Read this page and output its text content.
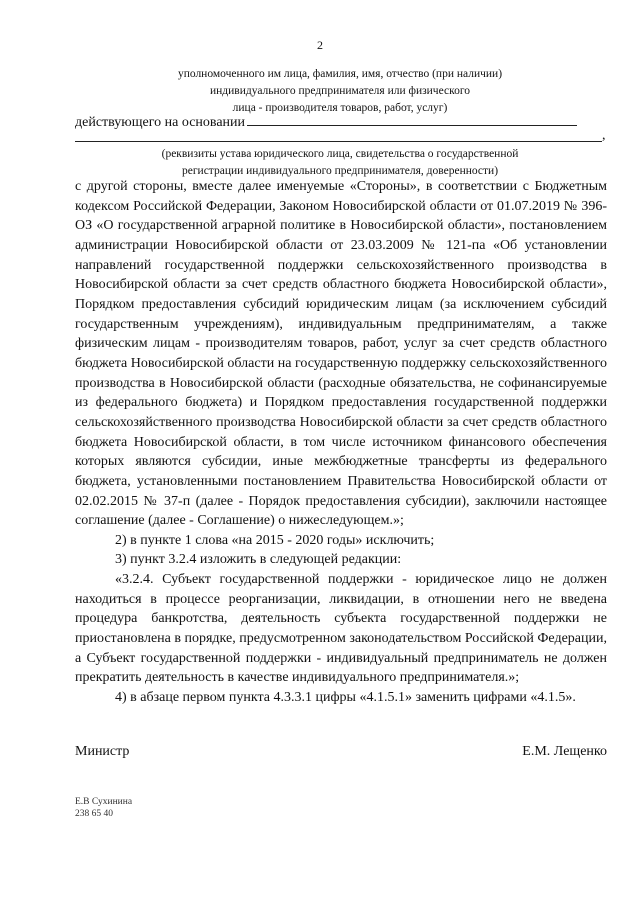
2
уполномоченного им лица, фамилия, имя, отчество (при наличии)
индивидуального предпринимателя или физического
лица - производителя товаров, работ, услуг)
действующего на основании
,
(реквизиты устава юридического лица, свидетельства о государственной
регистрации индивидуального предпринимателя, доверенности)

с другой стороны, вместе далее именуемые «Стороны», в соответствии с Бюджетным кодексом Российской Федерации, Законом Новосибирской области от 01.07.2019 № 396-ОЗ «О государственной аграрной политике в Новосибирской области», постановлением администрации Новосибирской области от 23.03.2009 № 121-па «Об установлении направлений государственной поддержки сельскохозяйственного производства в Новосибирской области за счет средств областного бюджета Новосибирской области», Порядком предоставления субсидий юридическим лицам (за исключением субсидий государственным учреждениям), индивидуальным предпринимателям, а также физическим лицам - производителям товаров, работ, услуг за счет средств областного бюджета Новосибирской области на государственную поддержку сельскохозяйственного производства в Новосибирской области (расходные обязательства, не софинансируемые из федерального бюджета) и Порядком предоставления государственной поддержки сельскохозяйственного производства Новосибирской области за счет средств областного бюджета Новосибирской области, в том числе источником финансового обеспечения которых являются субсидии, иные межбюджетные трансферты из федерального бюджета, установленными постановлением Правительства Новосибирской области от 02.02.2015 № 37-п (далее - Порядок предоставления субсидии), заключили настоящее соглашение (далее - Соглашение) о нижеследующем.»;

2) в пункте 1 слова «на 2015 - 2020 годы» исключить;

3) пункт 3.2.4 изложить в следующей редакции:

«3.2.4. Субъект государственной поддержки - юридическое лицо не должен находиться в процессе реорганизации, ликвидации, в отношении него не введена процедура банкротства, деятельность субъекта государственной поддержки не приостановлена в порядке, предусмотренном законодательством Российской Федерации, а Субъект государственной поддержки - индивидуальный предприниматель не должен прекратить деятельность в качестве индивидуального предпринимателя.»;

4) в абзаце первом пункта 4.3.3.1 цифры «4.1.5.1» заменить цифрами «4.1.5».

Министр	Е.М. Лещенко
Е.В Сухинина
238 65 40
